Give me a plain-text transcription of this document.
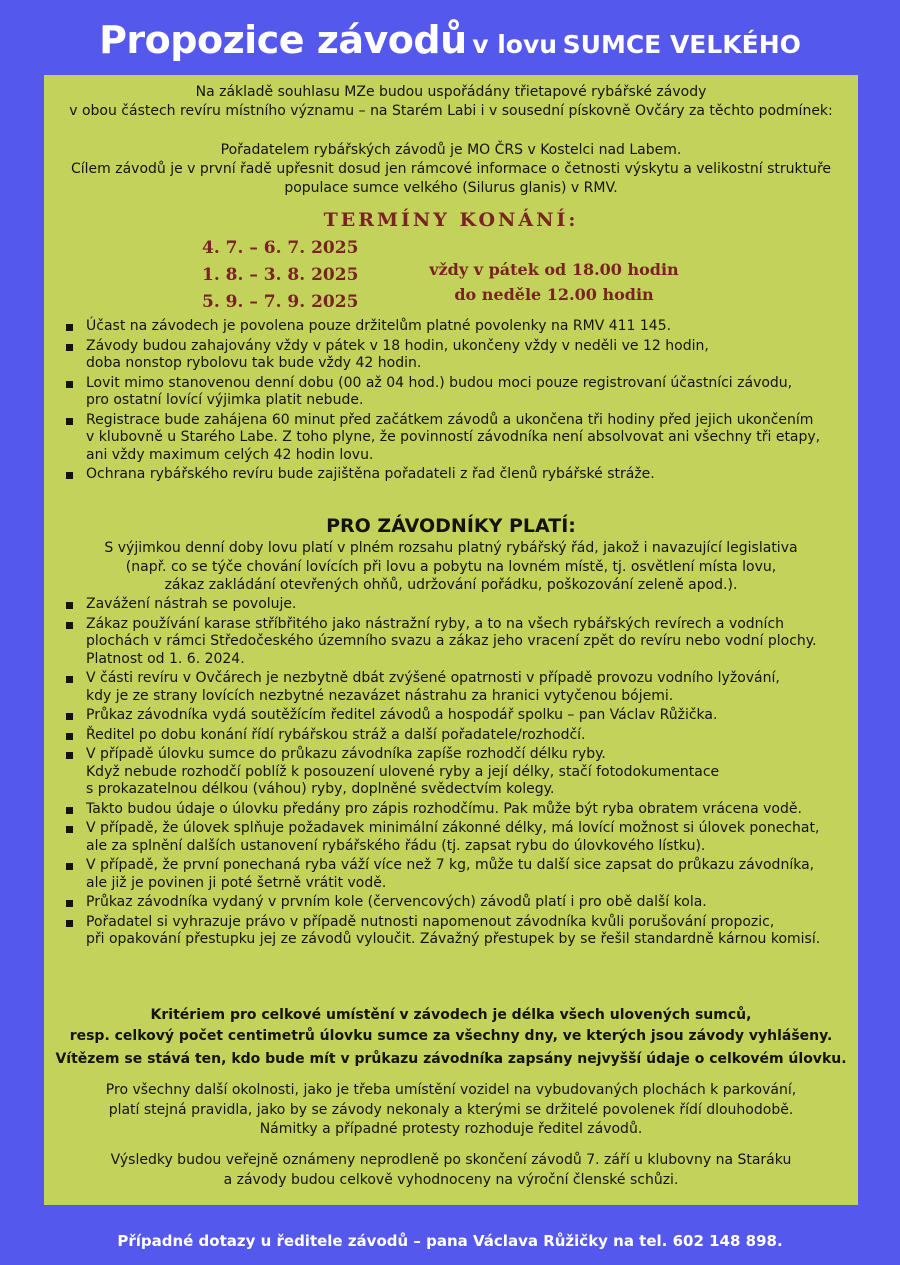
Propozice závodů v lovu SUMCE VELKÉHO
Na základě souhlasu MZe budou uspořádány třietapové rybářské závody
v obou částech revíru místního významu – na Starém Labi i v sousední pískovně Ovčáry za těchto podmínek:
Pořadatelem rybářských závodů je MO ČRS v Kostelci nad Labem.
Cílem závodů je v první řadě upřesnit dosud jen rámcové informace o četnosti výskytu a velikostní struktuře
populace sumce velkého (Silurus glanis) v RMV.
TERMÍNY KONÁNÍ:
4. 7. – 6. 7. 2025
1. 8. – 3. 8. 2025
5. 9. – 7. 9. 2025
vždy v pátek od 18.00 hodin
do neděle 12.00 hodin
Účast na závodech je povolena pouze držitelům platné povolenky na RMV 411 145.
Závody budou zahajovány vždy v pátek v 18 hodin, ukončeny vždy v neděli ve 12 hodin,
doba nonstop rybolovu tak bude vždy 42 hodin.
Lovit mimo stanovenou denní dobu (00 až 04 hod.) budou moci pouze registrovaní účastníci závodu,
pro ostatní lovící výjimka platit nebude.
Registrace bude zahájena 60 minut před začátkem závodů a ukončena tři hodiny před jejich ukončením
v klubovně u Starého Labe. Z toho plyne, že povinností závodníka není absolvovat ani všechny tři etapy,
ani vždy maximum celých 42 hodin lovu.
Ochrana rybářského revíru bude zajištěna pořadateli z řad členů rybářské stráže.
PRO ZÁVODNÍKY PLATÍ:
S výjimkou denní doby lovu platí v plném rozsahu platný rybářský řád, jakož i navazující legislativa
(např. co se týče chování lovících při lovu a pobytu na lovném místě, tj. osvětlení místa lovu,
zákaz zakládání otevřených ohňů, udržování pořádku, poškozování zeleně apod.).
Zavážení nástrah se povoluje.
Zákaz používání karase stříbřitého jako nástražní ryby, a to na všech rybářských revírech a vodních
plochách v rámci Středočeského územního svazu a zákaz jeho vracení zpět do revíru nebo vodní plochy.
Platnost od 1. 6. 2024.
V části revíru v Ovčárech je nezbytně dbát zvýšené opatrnosti v případě provozu vodního lyžování,
kdy je ze strany lovících nezbytné nezavázet nástrahu za hranici vytyčenou bójemi.
Průkaz závodníka vydá soutěžícím ředitel závodů a hospodář spolku – pan Václav Růžička.
Ředitel po dobu konání řídí rybářskou stráž a další pořadatele/rozhodčí.
V případě úlovku sumce do průkazu závodníka zapíše rozhodčí délku ryby.
Když nebude rozhodčí poblíž k posouzení ulovené ryby a její délky, stačí fotodokumentace
s prokazatelnou délkou (váhou) ryby, doplněné svědectvím kolegy.
Takto budou údaje o úlovku předány pro zápis rozhodčímu. Pak může být ryba obratem vrácena vodě.
V případě, že úlovek splňuje požadavek minimální zákonné délky, má lovící možnost si úlovek ponechat,
ale za splnění dalších ustanovení rybářského řádu (tj. zapsat rybu do úlovkového lístku).
V případě, že první ponechaná ryba váží více než 7 kg, může tu další sice zapsat do průkazu závodníka,
ale již je povinen ji poté šetrně vrátit vodě.
Průkaz závodníka vydaný v prvním kole (červencových) závodů platí i pro obě další kola.
Pořadatel si vyhrazuje právo v případě nutnosti napomenout závodníka kvůli porušování propozic,
při opakování přestupku jej ze závodů vyloučit. Závažný přestupek by se řešil standardně kárnou komisí.
Kritériem pro celkové umístění v závodech je délka všech ulovených sumců,
resp. celkový počet centimetrů úlovku sumce za všechny dny, ve kterých jsou závody vyhlášeny.
Vítězem se stává ten, kdo bude mít v průkazu závodníka zapsány nejvyšší údaje o celkovém úlovku.
Pro všechny další okolnosti, jako je třeba umístění vozidel na vybudovaných plochách k parkování,
platí stejná pravidla, jako by se závody nekonaly a kterými se držitelé povolenek řídí dlouhodobě.
Námitky a případné protesty rozhoduje ředitel závodů.
Výsledky budou veřejně oznámeny neprodleně po skončení závodů 7. září u klubovny na Staráku
a závody budou celkově vyhodnoceny na výroční členské schůzi.
Případné dotazy u ředitele závodů – pana Václava Růžičky na tel. 602 148 898.
